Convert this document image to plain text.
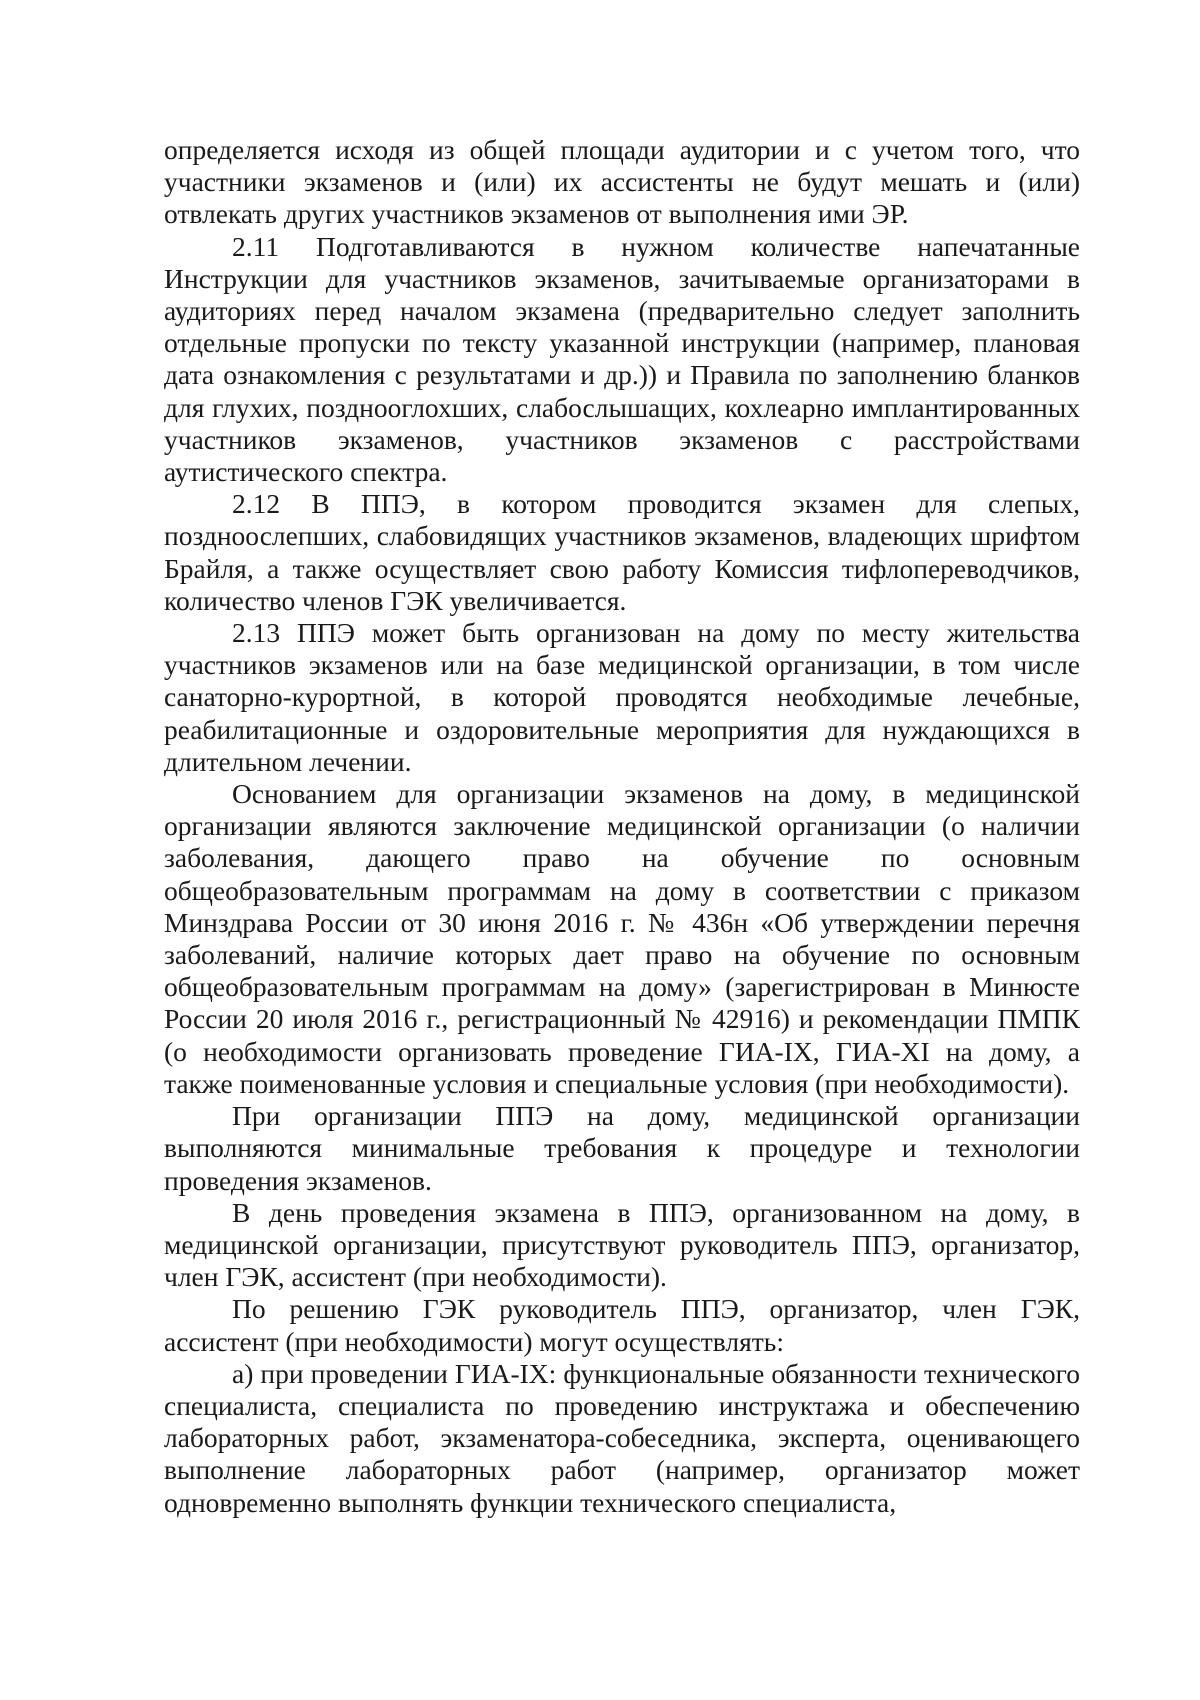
определяется исходя из общей площади аудитории и с учетом того, что участники экзаменов и (или) их ассистенты не будут мешать и (или) отвлекать других участников экзаменов от выполнения ими ЭР.

2.11 Подготавливаются в нужном количестве напечатанные Инструкции для участников экзаменов, зачитываемые организаторами в аудиториях перед началом экзамена (предварительно следует заполнить отдельные пропуски по тексту указанной инструкции (например, плановая дата ознакомления с результатами и др.)) и Правила по заполнению бланков для глухих, позднооглохших, слабослышащих, кохлеарно имплантированных участников экзаменов, участников экзаменов с расстройствами аутистического спектра.

2.12 В ППЭ, в котором проводится экзамен для слепых, поздноослепших, слабовидящих участников экзаменов, владеющих шрифтом Брайля, а также осуществляет свою работу Комиссия тифлопереводчиков, количество членов ГЭК увеличивается.

2.13 ППЭ может быть организован на дому по месту жительства участников экзаменов или на базе медицинской организации, в том числе санаторно-курортной, в которой проводятся необходимые лечебные, реабилитационные и оздоровительные мероприятия для нуждающихся в длительном лечении.

Основанием для организации экзаменов на дому, в медицинской организации являются заключение медицинской организации (о наличии заболевания, дающего право на обучение по основным общеобразовательным программам на дому в соответствии с приказом Минздрава России от 30 июня 2016 г. № 436н «Об утверждении перечня заболеваний, наличие которых дает право на обучение по основным общеобразовательным программам на дому» (зарегистрирован в Минюсте России 20 июля 2016 г., регистрационный № 42916) и рекомендации ПМПК (о необходимости организовать проведение ГИА-IX, ГИА-XI на дому, а также поименованные условия и специальные условия (при необходимости).

При организации ППЭ на дому, медицинской организации выполняются минимальные требования к процедуре и технологии проведения экзаменов.

В день проведения экзамена в ППЭ, организованном на дому, в медицинской организации, присутствуют руководитель ППЭ, организатор, член ГЭК, ассистент (при необходимости).

По решению ГЭК руководитель ППЭ, организатор, член ГЭК, ассистент (при необходимости) могут осуществлять:

а) при проведении ГИА-IX: функциональные обязанности технического специалиста, специалиста по проведению инструктажа и обеспечению лабораторных работ, экзаменатора-собеседника, эксперта, оценивающего выполнение лабораторных работ (например, организатор может одновременно выполнять функции технического специалиста,
